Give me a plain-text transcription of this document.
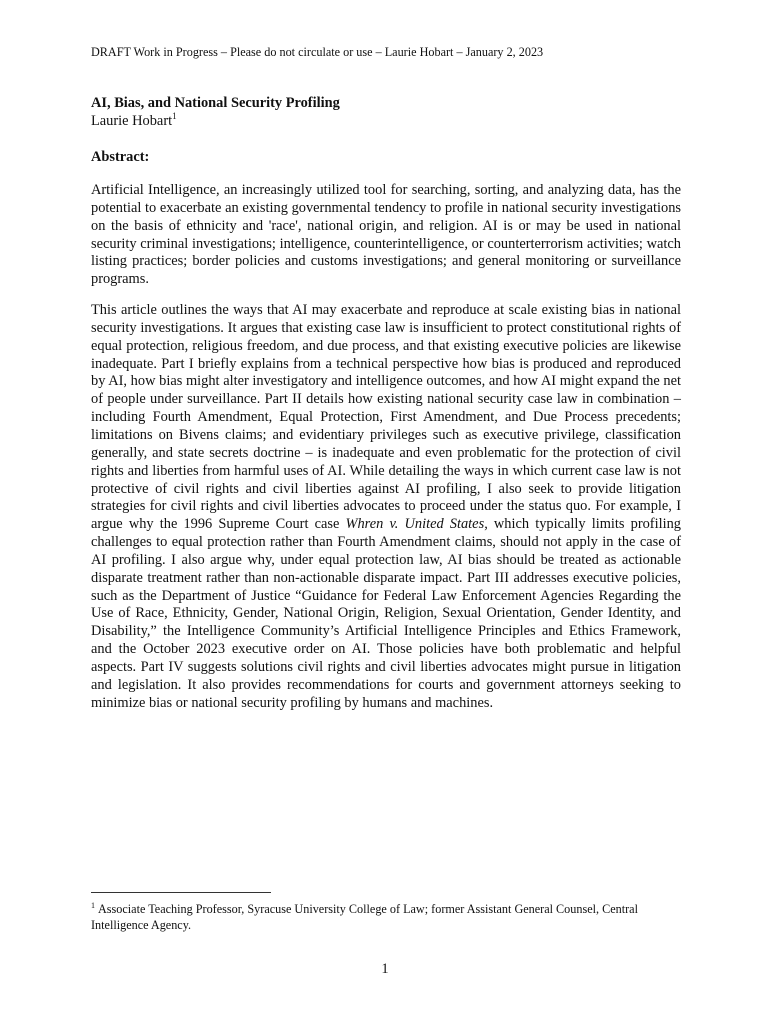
DRAFT Work in Progress – Please do not circulate or use – Laurie Hobart – January 2, 2023

AI, Bias, and National Security Profiling

Laurie Hobart$^1$

Abstract:

Artificial Intelligence, an increasingly utilized tool for searching, sorting, and analyzing data, has the potential to exacerbate an existing governmental tendency to profile in national security investigations on the basis of ethnicity and 'race', national origin, and religion. AI is or may be used in national security criminal investigations; intelligence, counterintelligence, or counterterrorism activities; watch listing practices; border policies and customs investigations; and general monitoring or surveillance programs.

This article outlines the ways that AI may exacerbate and reproduce at scale existing bias in national security investigations. It argues that existing case law is insufficient to protect constitutional rights of equal protection, religious freedom, and due process, and that existing executive policies are likewise inadequate. Part I briefly explains from a technical perspective how bias is produced and reproduced by AI, how bias might alter investigatory and intelligence outcomes, and how AI might expand the net of people under surveillance. Part II details how existing national security case law in combination – including Fourth Amendment, Equal Protection, First Amendment, and Due Process precedents; limitations on Bivens claims; and evidentiary privileges such as executive privilege, classification generally, and state secrets doctrine – is inadequate and even problematic for the protection of civil rights and liberties from harmful uses of AI. While detailing the ways in which current case law is not protective of civil rights and civil liberties against AI profiling, I also seek to provide litigation strategies for civil rights and civil liberties advocates to proceed under the status quo. For example, I argue why the 1996 Supreme Court case Whren v. United States, which typically limits profiling challenges to equal protection rather than Fourth Amendment claims, should not apply in the case of AI profiling. I also argue why, under equal protection law, AI bias should be treated as actionable disparate treatment rather than non-actionable disparate impact. Part III addresses executive policies, such as the Department of Justice “Guidance for Federal Law Enforcement Agencies Regarding the Use of Race, Ethnicity, Gender, National Origin, Religion, Sexual Orientation, Gender Identity, and Disability,” the Intelligence Community’s Artificial Intelligence Principles and Ethics Framework, and the October 2023 executive order on AI. Those policies have both problematic and helpful aspects. Part IV suggests solutions civil rights and civil liberties advocates might pursue in litigation and legislation. It also provides recommendations for courts and government attorneys seeking to minimize bias or national security profiling by humans and machines.

$^1$ Associate Teaching Professor, Syracuse University College of Law; former Assistant General Counsel, Central Intelligence Agency.

1
